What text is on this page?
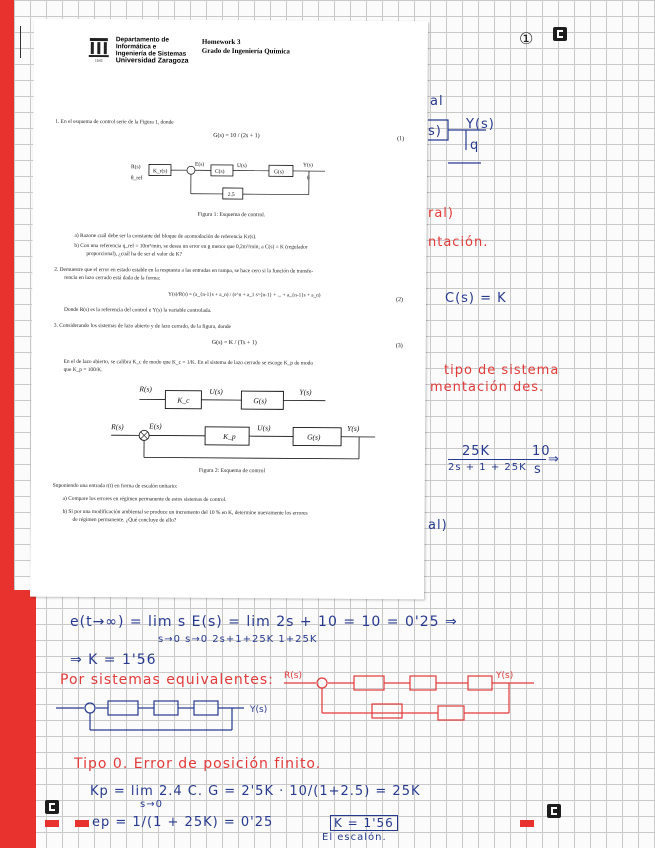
①
al
s) Y(s)
q
ral)
ntación.
C(s) = K
tipo de sistema
mentación des.
25K
2s + 1 + 25K
10
s
⇒
al)
1542
Departamento de
Informática e
Ingeniería de Sistemas
Universidad Zaragoza
Homework 3
Grado de Ingeniería Química
1. En el esquema de control serie de la Figura 1, donde
G(s) = 10 / (2s + 1)	(1)
R(s)
θ_ref
K_r(s)
E(s)
C(s)
U(s)
G(s)
Y(s)
θ
2.5
Figura 1: Esquema de control.
a) Razone cuál debe ser la constante del bloque de acomodación de referencia Kr(s).
b) Con una referencia q_ref = 10m³/min, se desea un error en g menor que 0,2m³/min; a C(s) = K (regulador
proporcional), ¿cuál ha de ser el valor de K?
2. Demuestre que el error en estado estable en la respuesta a las entradas en rampa, se hace cero si la función de transfe-
rencia en lazo cerrado está dada de la forma:
Y(s)/R(s) = (a_{n-1}s + a_n) / (s^n + a_1 s^{n-1} + ... + a_{n-1}s + a_n)
(2)
Donde R(s) es la referencia del control e Y(s) la variable controlada.
3. Considerando los sistemas de lazo abierto y de lazo cerrado, de la figura, donde
G(s) = K / (Ts + 1)	(3)
En el de lazo abierto, se calibra K_c de modo que K_c = 1/K. En el sistema de lazo cerrado se escoge K_p de modo
que K_p = 100/K.
R(s)
K_c
U(s)
G(s)
Y(s)
R(s)	E(s)
K_p
U(s)
G(s)
Y(s)
Figura 2: Esquema de control
Suponiendo una entrada r(t) en forma de escalón unitario:
a) Compare los errores en régimen permanente de estos sistemas de control.
b) Si por una modificación ambiental se produce un incremento del 10 % en K, determine nuevamente los errores
de régimen permanente. ¿Qué concluye de ello?
e(t→∞) = lim s E(s) = lim 2s + 10 = 10 = 0'25 ⇒
s→0 s→0 2s+1+25K 1+25K
⇒ K = 1'56
Por sistemas equivalentes: R(s)	Y(s)
Y(s)
Tipo 0. Error de posición finito.
Kp = lim 2.4 C. G = 2'5K · 10/(1+2.5) = 25K
s→0
ep = 1/(1 + 25K) = 0'25	K = 1'56
El escalón.
